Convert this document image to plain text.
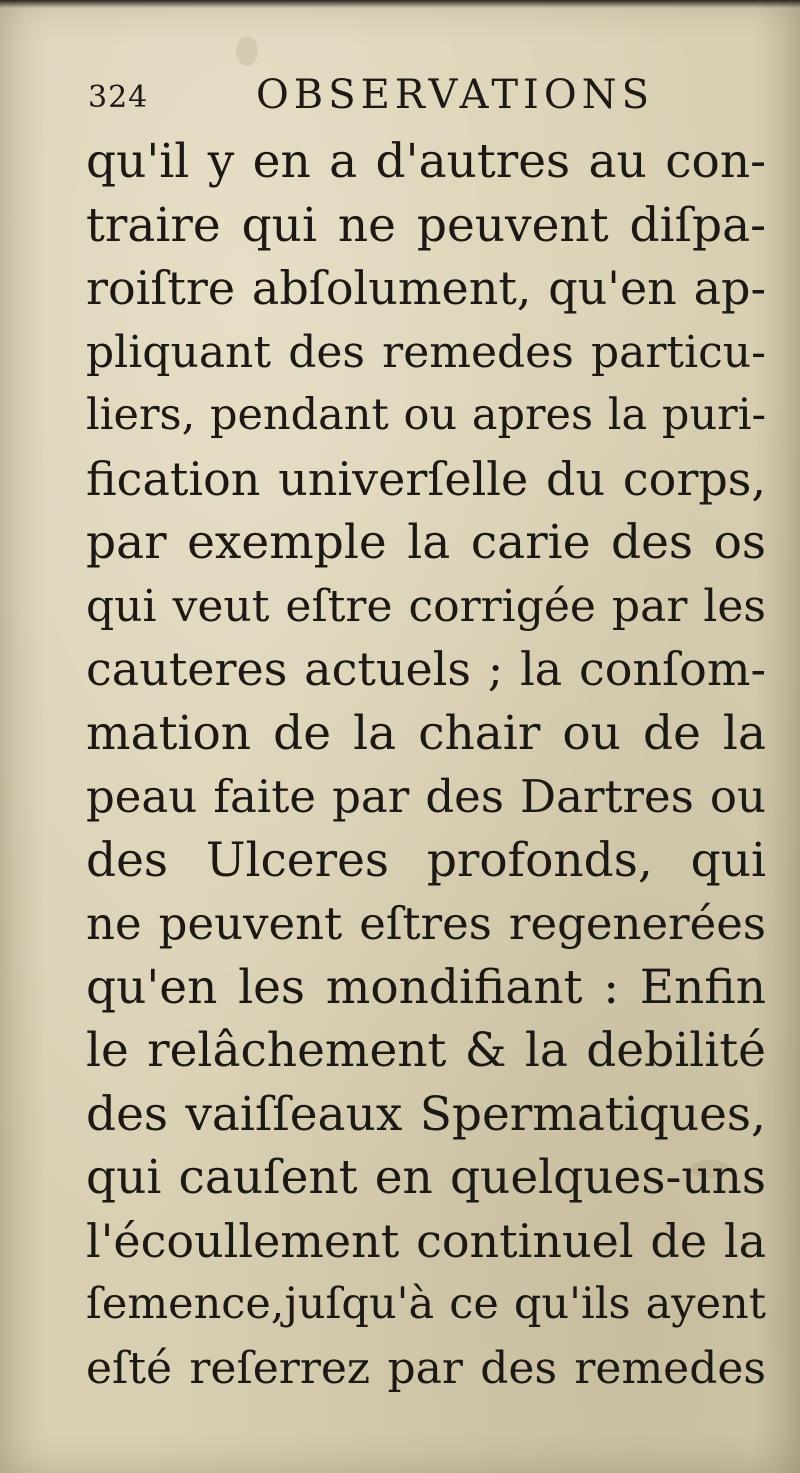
324	OBSERVATIONS
qu'il y en a d'autres au con-
traire qui ne peuvent diſpa-
roiſtre abſolument, qu'en ap-
pliquant des remedes particu-
liers, pendant ou apres la puri-
fication univerſelle du corps,
par exemple la carie des os
qui veut eſtre corrigée par les
cauteres actuels ; la conſom-
mation de la chair ou de la
peau faite par des Dartres ou
des Ulceres profonds, qui
ne peuvent eſtres regenerées
qu'en les mondifiant : Enfin
le relâchement & la debilité
des vaiſſeaux Spermatiques,
qui cauſent en quelques-uns
l'écoullement continuel de la
ſemence,juſqu'à ce qu'ils ayent
eſté reſerrez par des remedes
